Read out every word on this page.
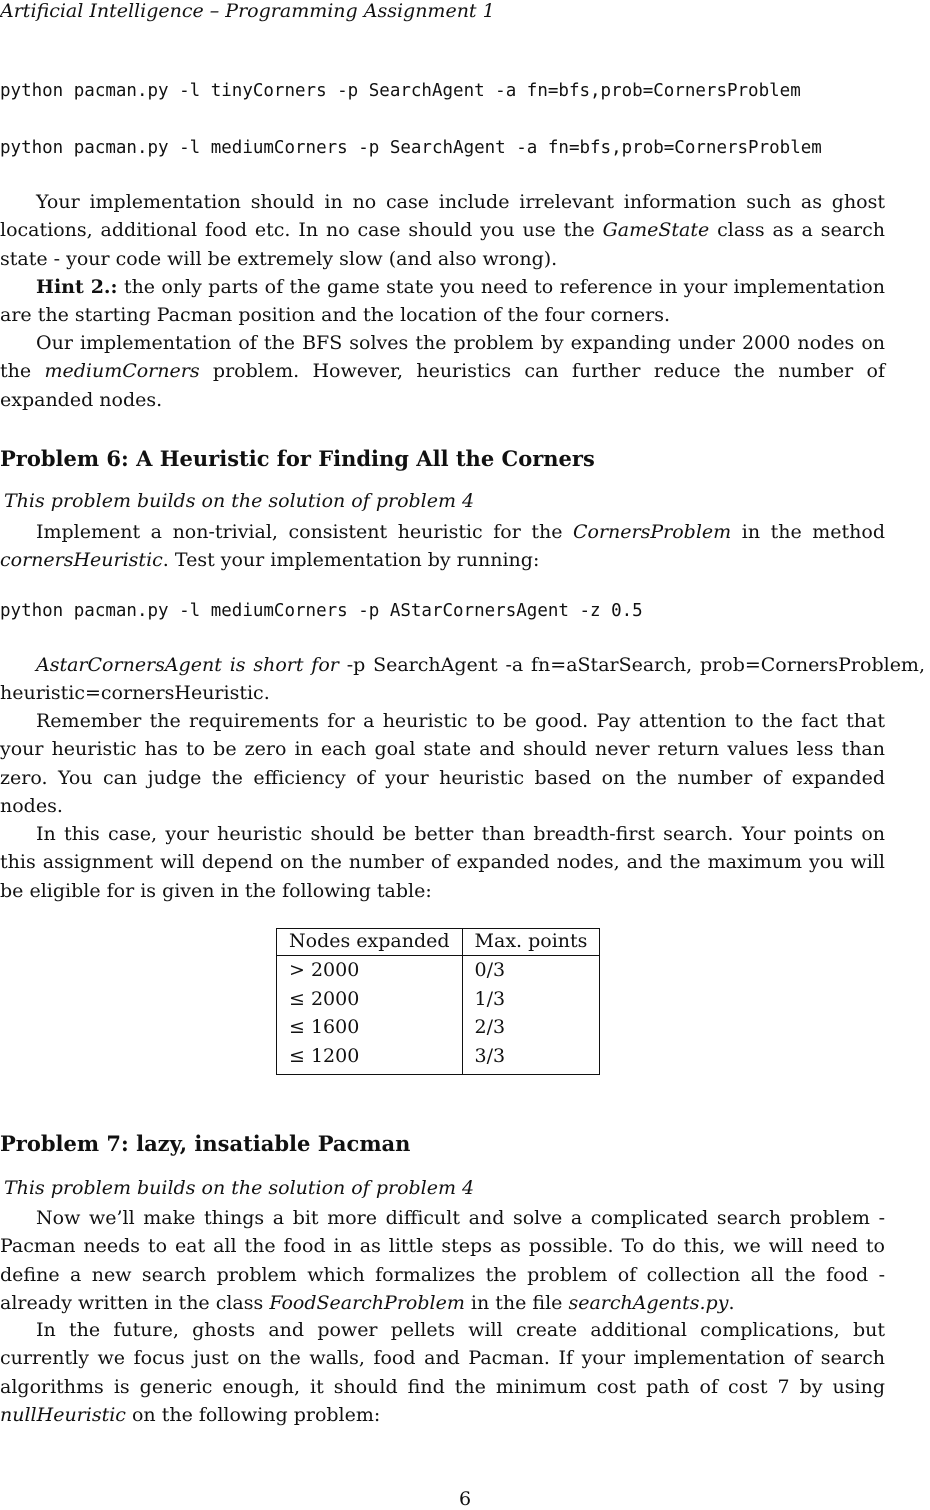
Artificial Intelligence – Programming Assignment 1
python pacman.py -l tinyCorners -p SearchAgent -a fn=bfs,prob=CornersProblem
python pacman.py -l mediumCorners -p SearchAgent -a fn=bfs,prob=CornersProblem

Your implementation should in no case include irrelevant information such as ghost locations, additional food etc. In no case should you use the GameState class as a search state - your code will be extremely slow (and also wrong).

Hint 2.: the only parts of the game state you need to reference in your implementation are the starting Pacman position and the location of the four corners.

Our implementation of the BFS solves the problem by expanding under 2000 nodes on the mediumCorners problem. However, heuristics can further reduce the number of expanded nodes.

Problem 6: A Heuristic for Finding All the Corners
This problem builds on the solution of problem 4

Implement a non-trivial, consistent heuristic for the CornersProblem in the method cornersHeuristic. Test your implementation by running:

python pacman.py -l mediumCorners -p AStarCornersAgent -z 0.5

AstarCornersAgent is short for -p SearchAgent -a fn=aStarSearch, prob=CornersProblem, heuristic=cornersHeuristic.

Remember the requirements for a heuristic to be good. Pay attention to the fact that your heuristic has to be zero in each goal state and should never return values less than zero. You can judge the efficiency of your heuristic based on the number of expanded nodes.

In this case, your heuristic should be better than breadth-first search. Your points on this assignment will depend on the number of expanded nodes, and the maximum you will be eligible for is given in the following table:

Nodes expanded	Max. points
> 2000	0/3
≤ 2000	1/3
≤ 1600	2/3
≤ 1200	3/3
Problem 7: lazy, insatiable Pacman
This problem builds on the solution of problem 4

Now we’ll make things a bit more difficult and solve a complicated search problem - Pacman needs to eat all the food in as little steps as possible. To do this, we will need to define a new search problem which formalizes the problem of collection all the food - already written in the class FoodSearchProblem in the file searchAgents.py.

In the future, ghosts and power pellets will create additional complications, but currently we focus just on the walls, food and Pacman. If your implementation of search algorithms is generic enough, it should find the minimum cost path of cost 7 by using nullHeuristic on the following problem:

6
